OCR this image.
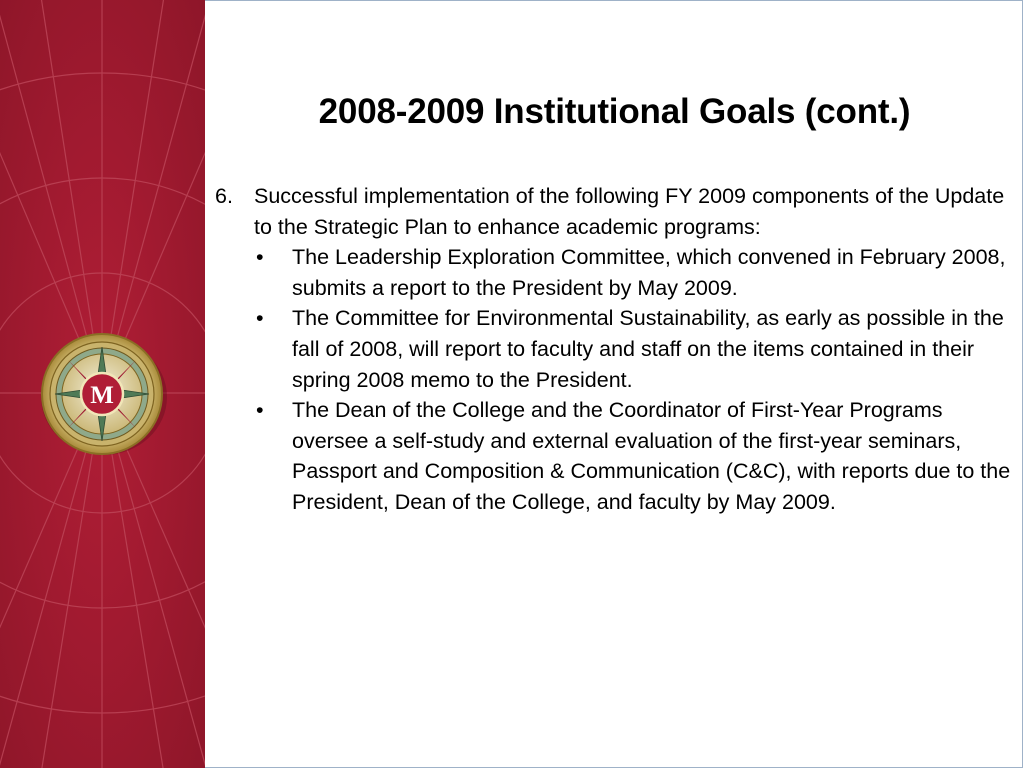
M
2008-2009 Institutional Goals (cont.)
6. Successful implementation of the following FY 2009 components of the Update to the Strategic Plan to enhance academic programs:
• The Leadership Exploration Committee, which convened in February 2008, submits a report to the President by May 2009.
• The Committee for Environmental Sustainability, as early as possible in the fall of 2008, will report to faculty and staff on the items contained in their spring 2008 memo to the President.
• The Dean of the College and the Coordinator of First-Year Programs oversee a self-study and external evaluation of the first-year seminars, Passport and Composition & Communication (C&C), with reports due to the President, Dean of the College, and faculty by May 2009.
